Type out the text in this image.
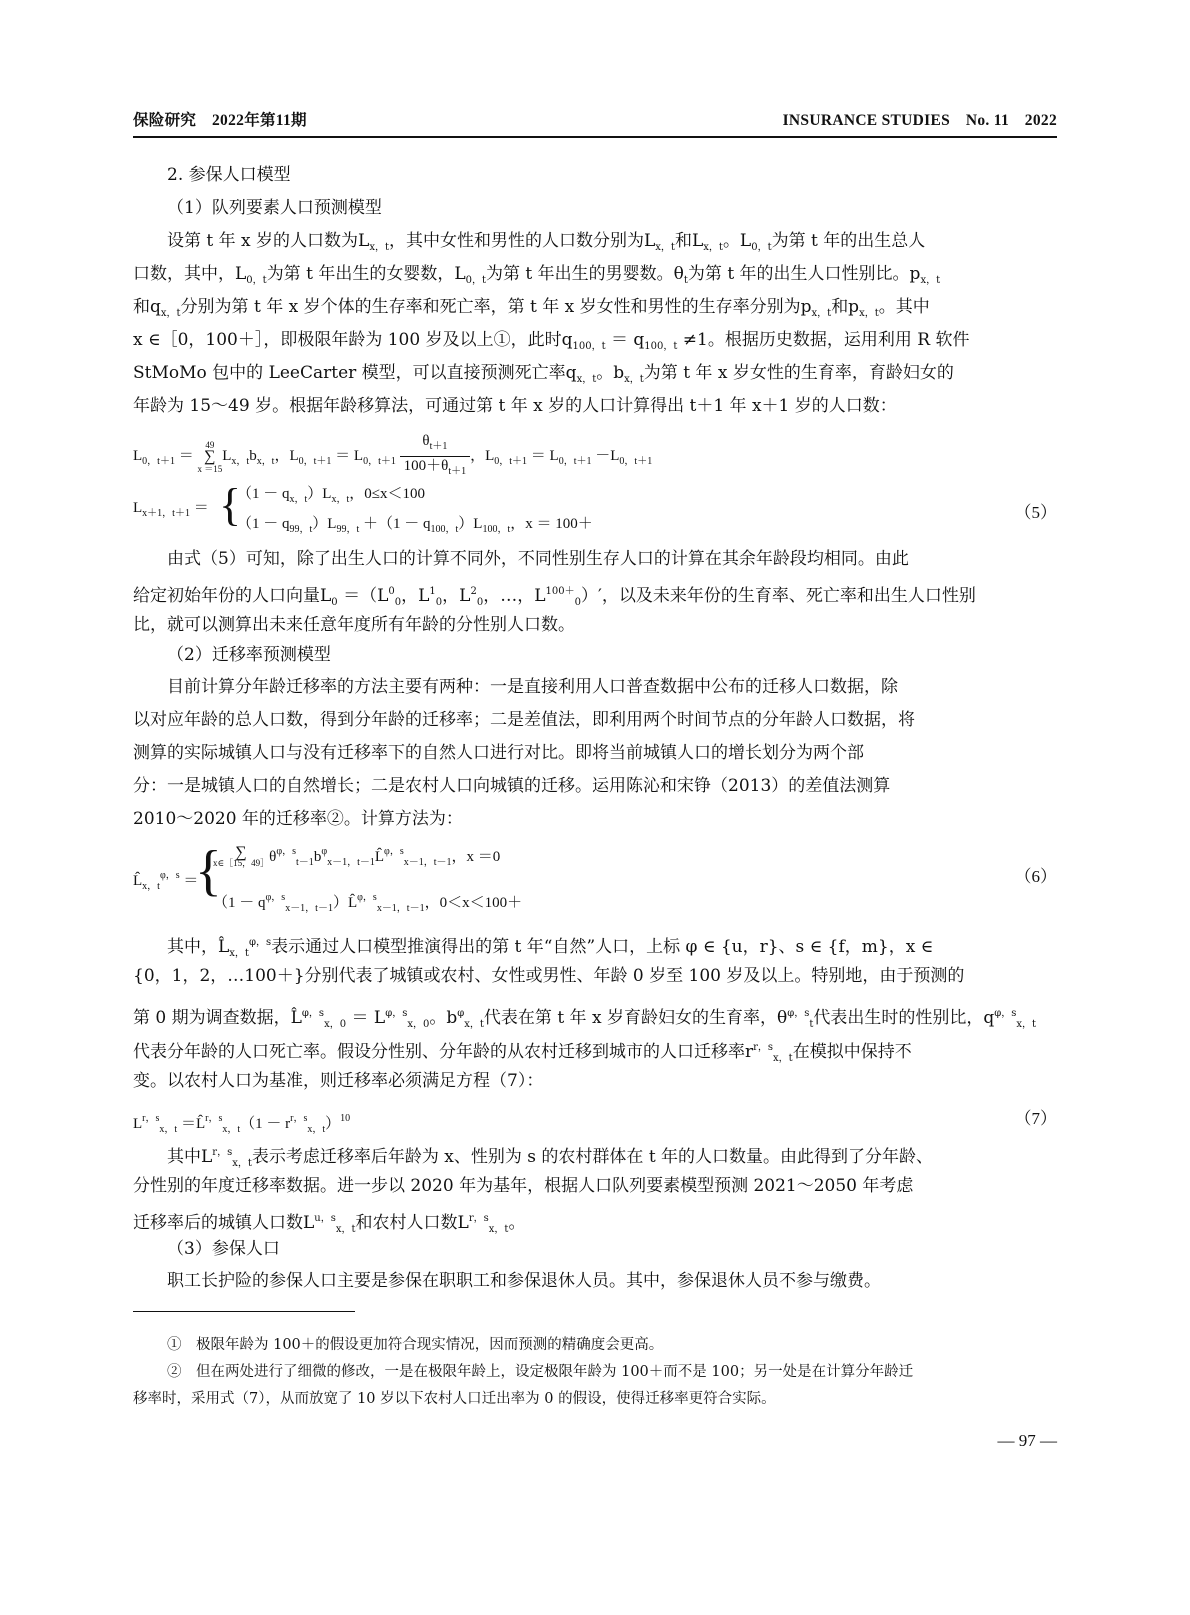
保险研究　2022年第11期	INSURANCE STUDIES　No. 11　2022
2. 参保人口模型
（1）队列要素人口预测模型
设第 t 年 x 岁的人口数为$L_{x,t}$，其中女性和男性的人口数分别为$L_{x,t}$和$L_{x,t}$。$L_{0,t}$为第 t 年的出生总人
口数，其中，$L_{0,t}$为第 t 年出生的女婴数，$L_{0,t}$为第 t 年出生的男婴数。$\theta_t$为第 t 年的出生人口性别比。$p_{x,t}$
和$q_{x,t}$分别为第 t 年 x 岁个体的生存率和死亡率，第 t 年 x 岁女性和男性的生存率分别为$p_{x,t}$和$p_{x,t}$。其中
x ∈［0，100＋］，即极限年龄为 100 岁及以上①，此时$q_{100,t} = q_{100,t} \ne 1$。根据历史数据，运用利用 R 软件
StMoMo 包中的 LeeCarter 模型，可以直接预测死亡率$q_{x,t}$。$b_{x,t}$为第 t 年 x 岁女性的生育率，育龄妇女的
年龄为 15～49 岁。根据年龄移算法，可通过第 t 年 x 岁的人口计算得出 t＋1 年 x＋1 岁的人口数：
$L_{0,t+1}$ ＝
49
∑
x ＝15
$L_{x,t}b_{x,t}$，$L_{0,t+1} = L_{0,t+1} \frac{\theta_{t+1}}{100+\theta_{t+1}}$ ，$L_{0,t+1} = L_{0,t+1} -L_{0,t+1}$
$L_{x+1,t+1}$ ＝ {
$(1 - q_{x,t})L_{x,t}$，0≤x＜100
$(1 - q_{99,t})L_{99,t} +(1 - q_{100,t})L_{100,t}$，x ＝ 100＋
（5）
由式（5）可知，除了出生人口的计算不同外，不同性别生存人口的计算在其余年龄段均相同。由此
给定初始年份的人口向量$L_0 =(L^0_0$，$L^1_0$，$L^2_0$，…，$L^{100+}_0)'$，以及未来年份的生育率、死亡率和出生人口性别
比，就可以测算出未来任意年度所有年龄的分性别人口数。
（2）迁移率预测模型
目前计算分年龄迁移率的方法主要有两种：一是直接利用人口普查数据中公布的迁移人口数据，除
以对应年龄的总人口数，得到分年龄的迁移率；二是差值法，即利用两个时间节点的分年龄人口数据，将
测算的实际城镇人口与没有迁移率下的自然人口进行对比。即将当前城镇人口的增长划分为两个部
分：一是城镇人口的自然增长；二是农村人口向城镇的迁移。运用陈沁和宋铮（2013）的差值法测算
2010～2020 年的迁移率②。计算方法为：
$L̂_{x,t}^{\varphi,s}$ ＝
{ ∑
x∈［15，49］ $\theta^{\varphi,s}_{t-1}b^\varphi_{x-1,t-1}L̂^{\varphi,s}_{x-1,t-1}$，x ＝0
$(1 - q^{\varphi,s}_{x-1,t-1})L̂^{\varphi,s}_{x-1,t-1}$，0＜x＜100＋
（6）
其中，$L̂_{x,t}^{\varphi,s}$表示通过人口模型推演得出的第 t 年“自然”人口，上标 φ ∈ {u，r}、s ∈ {f，m}，x ∈
{0，1，2，…100＋}分别代表了城镇或农村、女性或男性、年龄 0 岁至 100 岁及以上。特别地，由于预测的
第 0 期为调查数据，L̂$^{\varphi,s}_{x,0}$ ＝ $L^{\varphi,s}_{x,0}$。$b^\varphi_{x,t}$代表在第 t 年 x 岁育龄妇女的生育率，$\theta^{\varphi,s}_t$代表出生时的性别比，$q^{\varphi,s}_{x,t}$
代表分年龄的人口死亡率。假设分性别、分年龄的从农村迁移到城市的人口迁移率$r^{r,s}_{x,t}$在模拟中保持不
变。以农村人口为基准，则迁移率必须满足方程（7）：
$L^{r,s}_{x,t}$ ＝L̂$^{r,s}_{x,t}$（1 － $r^{r,s}_{x,t})^{10}$	（7）
其中$L^{r,s}_{x,t}$表示考虑迁移率后年龄为 x、性别为 s 的农村群体在 t 年的人口数量。由此得到了分年龄、
分性别的年度迁移率数据。进一步以 2020 年为基年，根据人口队列要素模型预测 2021～2050 年考虑
迁移率后的城镇人口数$L^{u,s}_{x,t}$和农村人口数$L^{r,s}_{x,t}$。
（3）参保人口
职工长护险的参保人口主要是参保在职职工和参保退休人员。其中，参保退休人员不参与缴费。
①　极限年龄为 100＋的假设更加符合现实情况，因而预测的精确度会更高。
②　但在两处进行了细微的修改，一是在极限年龄上，设定极限年龄为 100＋而不是 100；另一处是在计算分年龄迁
移率时，采用式（7），从而放宽了 10 岁以下农村人口迁出率为 0 的假设，使得迁移率更符合实际。
— 97 —
